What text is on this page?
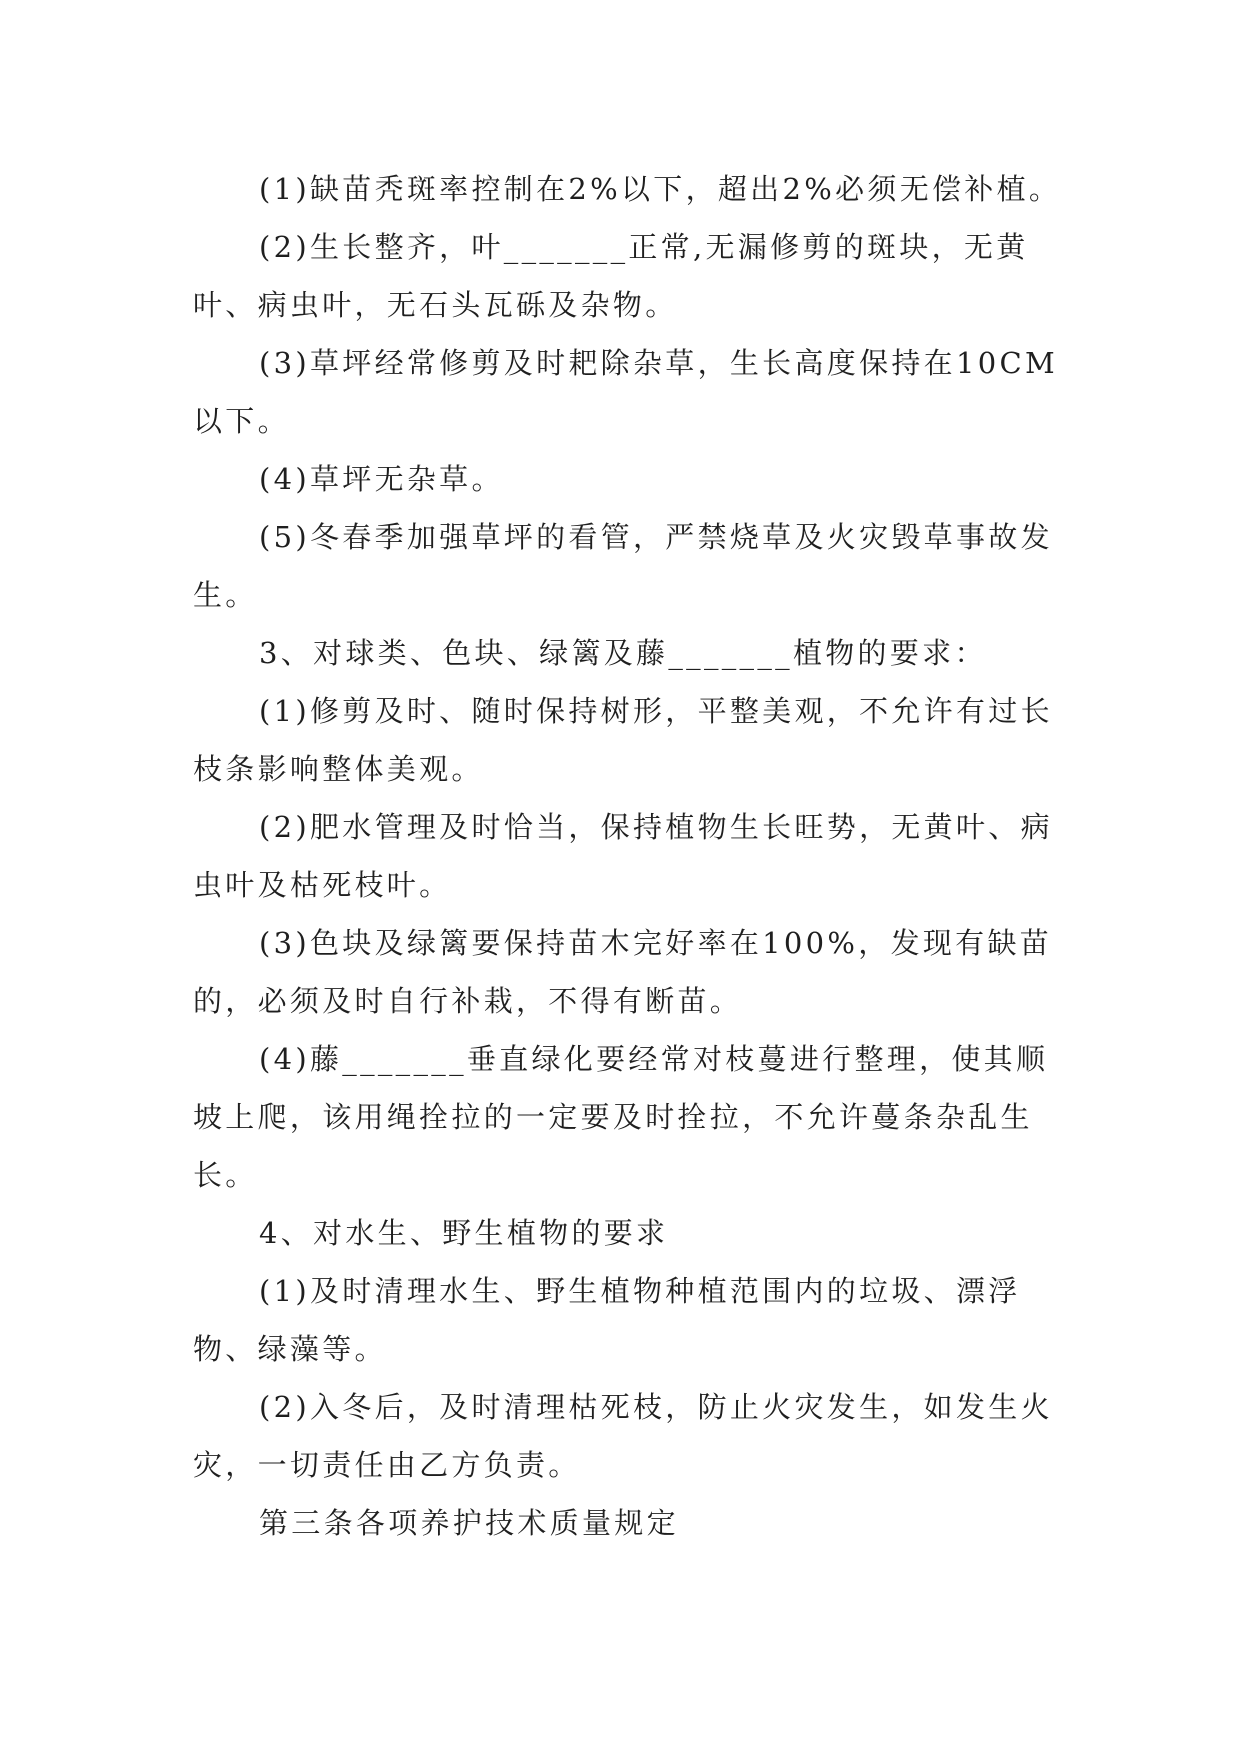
(1)缺苗秃斑率控制在2%以下，超出2%必须无偿补植。

(2)生长整齐，叶_______正常,无漏修剪的斑块，无黄叶、病虫叶，无石头瓦砾及杂物。

(3)草坪经常修剪及时耙除杂草，生长高度保持在10CM以下。

(4)草坪无杂草。

(5)冬春季加强草坪的看管，严禁烧草及火灾毁草事故发生。

3、对球类、色块、绿篱及藤_______植物的要求：

(1)修剪及时、随时保持树形，平整美观，不允许有过长枝条影响整体美观。

(2)肥水管理及时恰当，保持植物生长旺势，无黄叶、病虫叶及枯死枝叶。

(3)色块及绿篱要保持苗木完好率在100%，发现有缺苗的，必须及时自行补栽，不得有断苗。

(4)藤_______垂直绿化要经常对枝蔓进行整理，使其顺坡上爬，该用绳拴拉的一定要及时拴拉，不允许蔓条杂乱生长。

4、对水生、野生植物的要求

(1)及时清理水生、野生植物种植范围内的垃圾、漂浮物、绿藻等。

(2)入冬后，及时清理枯死枝，防止火灾发生，如发生火灾，一切责任由乙方负责。

第三条各项养护技术质量规定
